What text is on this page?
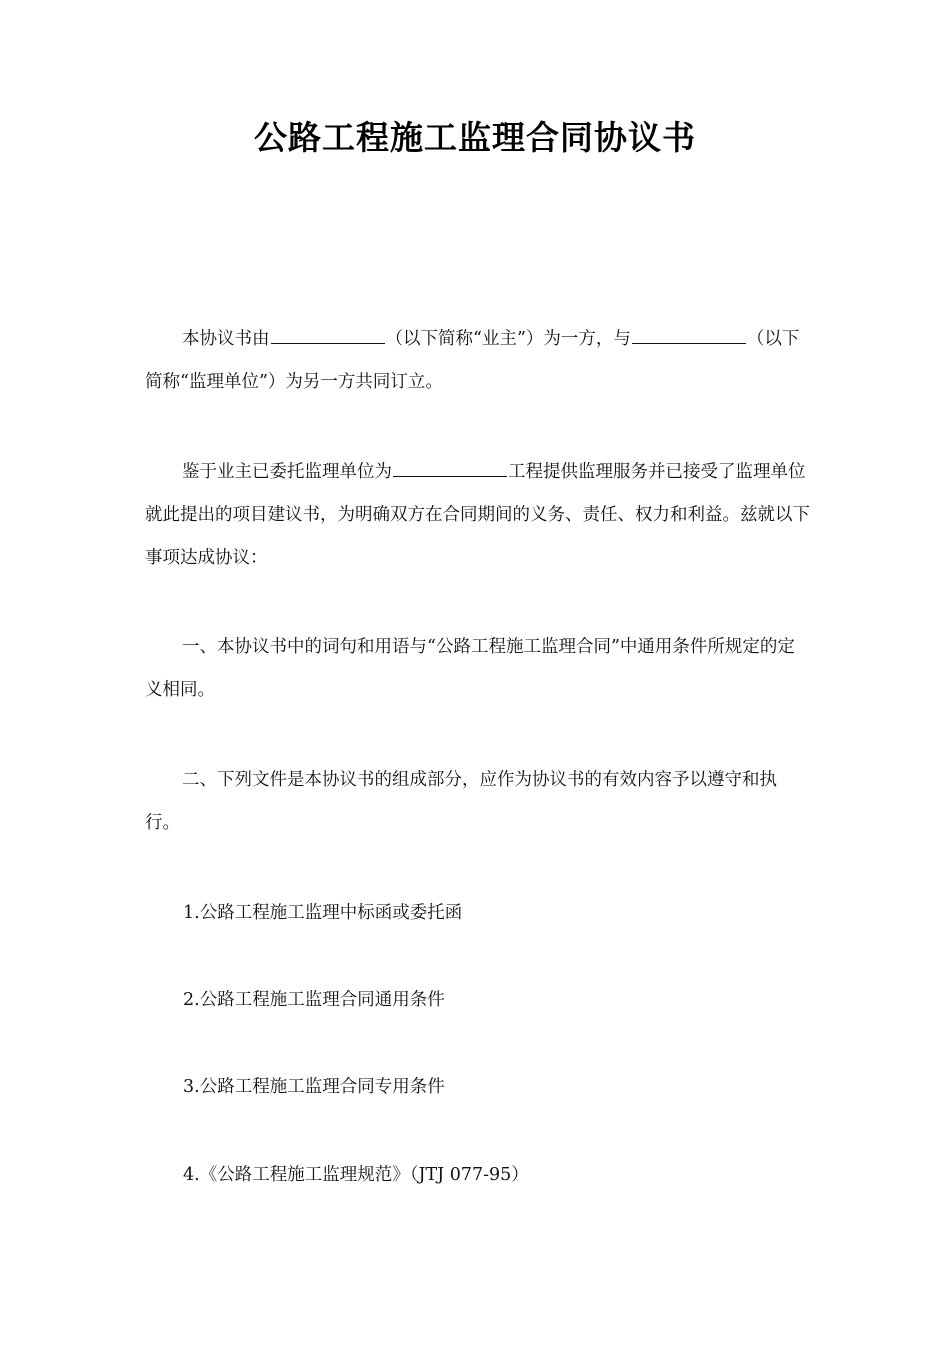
公路工程施工监理合同协议书

本协议书由	（以下简称“业主”）为一方，与	（以下简称“监理单位”）为另一方共同订立。

鉴于业主已委托监理单位为	工程提供监理服务并已接受了监理单位就此提出的项目建议书，为明确双方在合同期间的义务、责任、权力和利益。兹就以下事项达成协议：

一、本协议书中的词句和用语与“公路工程施工监理合同”中通用条件所规定的定义相同。

二、下列文件是本协议书的组成部分，应作为协议书的有效内容予以遵守和执行。

1.公路工程施工监理中标函或委托函

2.公路工程施工监理合同通用条件

3.公路工程施工监理合同专用条件

4.《公路工程施工监理规范》（JTJ 077-95）
